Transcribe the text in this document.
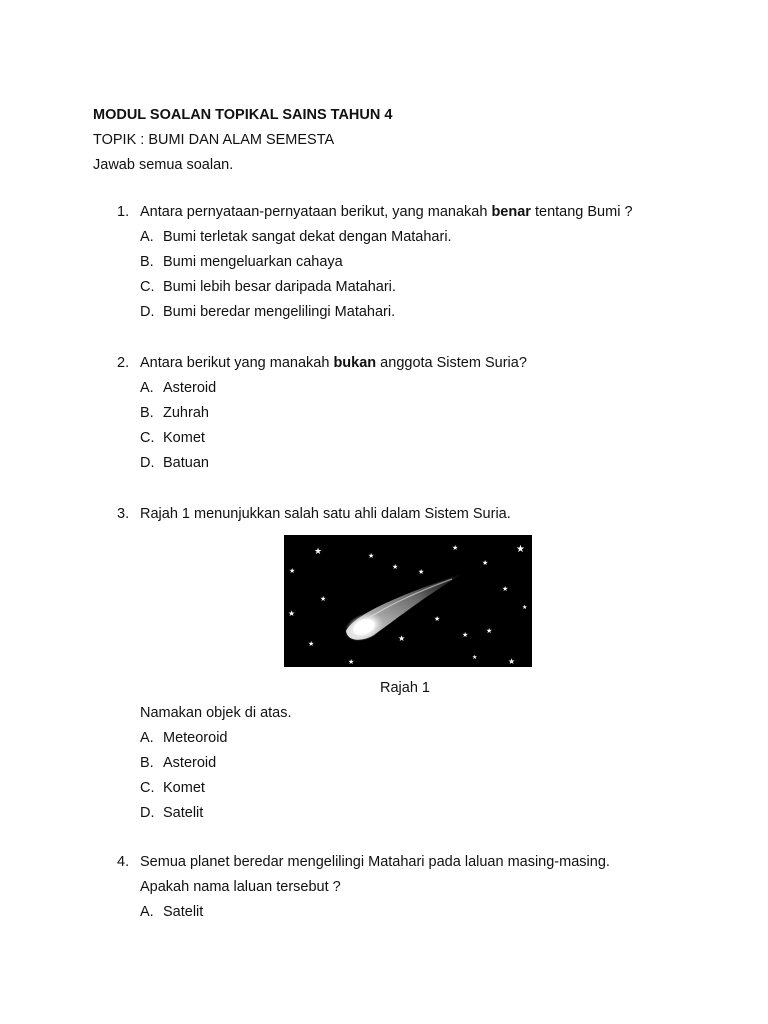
MODUL SOALAN TOPIKAL SAINS TAHUN 4
TOPIK : BUMI DAN ALAM SEMESTA
Jawab semua soalan.
1. Antara pernyataan-pernyataan berikut, yang manakah benar tentang Bumi ?
A. Bumi terletak sangat dekat dengan Matahari.
B. Bumi mengeluarkan cahaya
C. Bumi lebih besar daripada Matahari.
D. Bumi beredar mengelilingi Matahari.
2. Antara berikut yang manakah bukan anggota Sistem Suria?
A. Asteroid
B. Zuhrah
C. Komet
D. Batuan
3. Rajah 1 menunjukkan salah satu ahli dalam Sistem Suria.
★	★
★
★
★
★
★
★
★
★
★
★
★
★
★	★
★
★
★
★
Rajah 1
Namakan objek di atas.
A. Meteoroid
B. Asteroid
C. Komet
D. Satelit
4. Semua planet beredar mengelilingi Matahari pada laluan masing-masing.
Apakah nama laluan tersebut ?
A. Satelit
